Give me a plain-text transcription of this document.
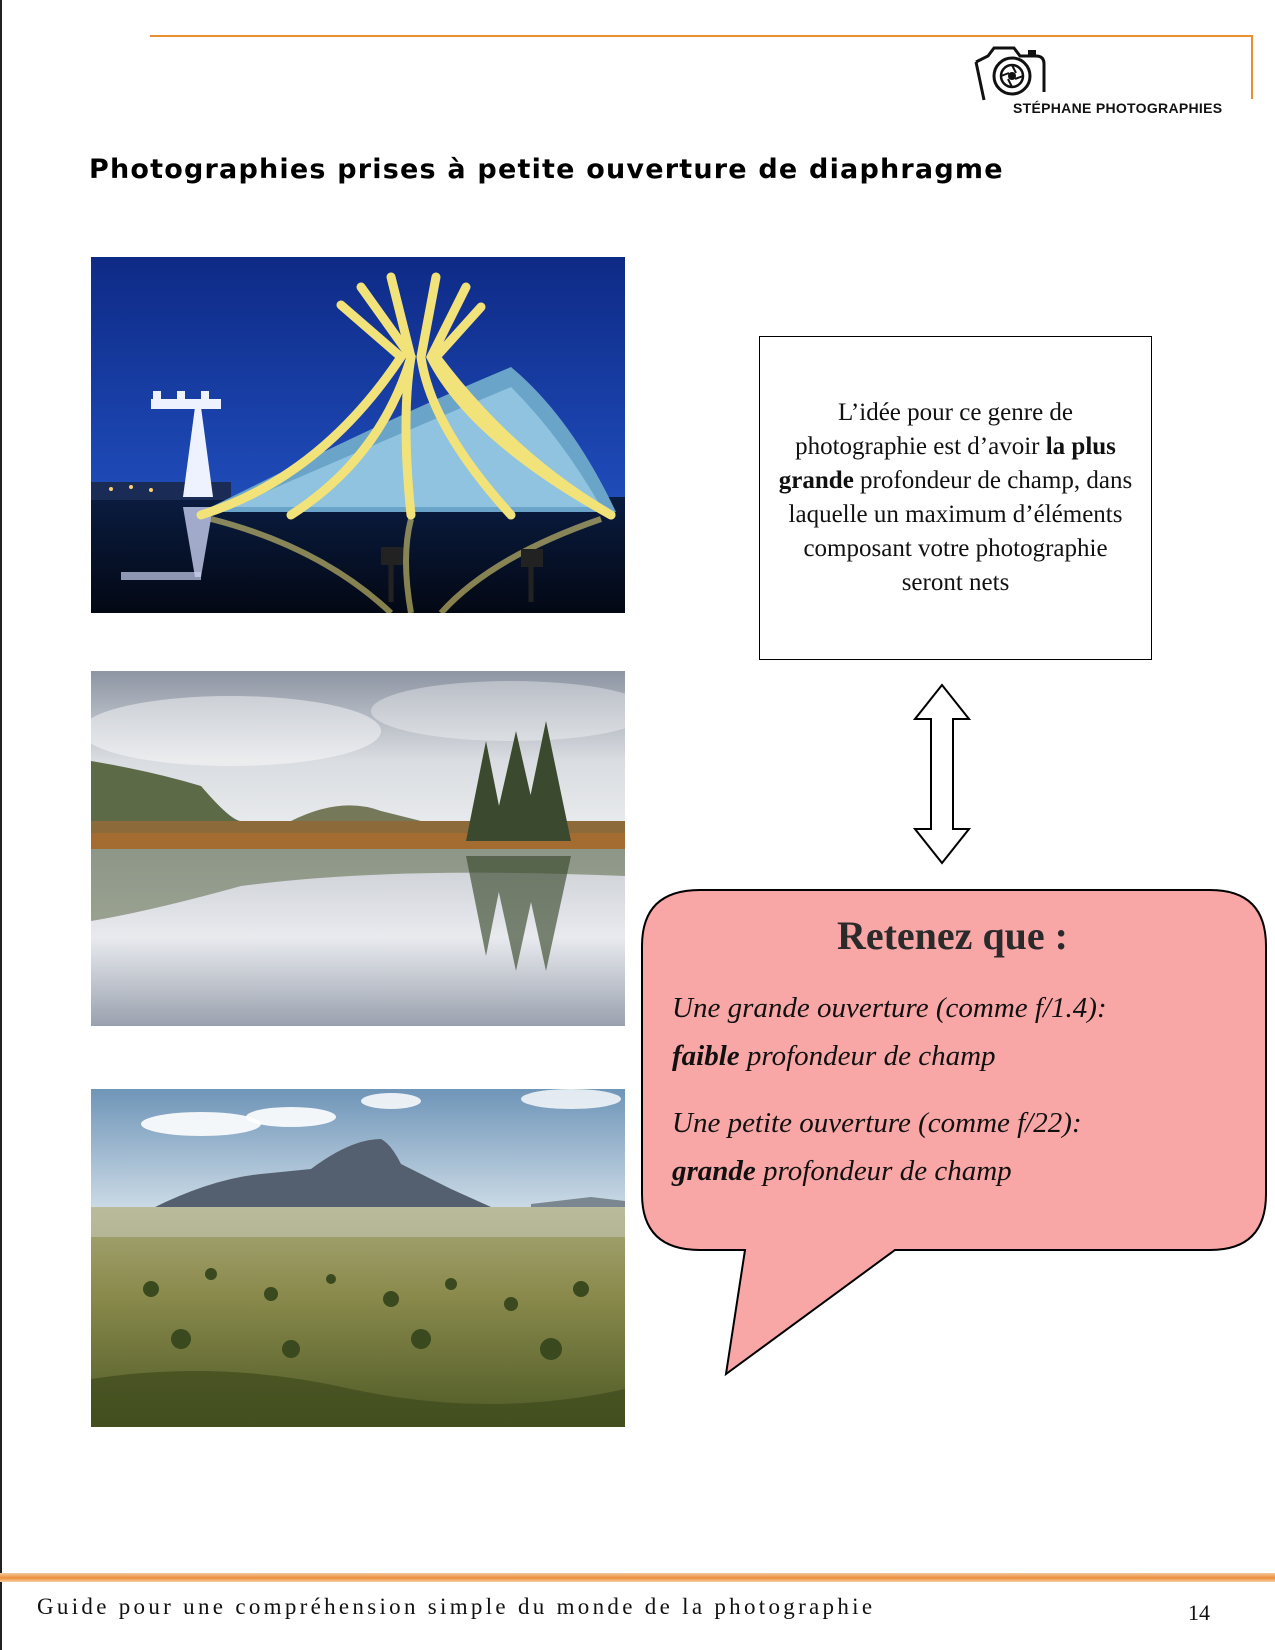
STÉPHANE PHOTOGRAPHIES
Photographies prises à petite ouverture de diaphragme

L’idée pour ce genre de photographie est d’avoir la plus grande profondeur de champ, dans laquelle un maximum d’éléments composant votre photographie seront nets

Retenez que :

Une grande ouverture (comme f/1.4):

faible profondeur de champ

Une petite ouverture (comme f/22):

grande profondeur de champ

Guide pour une compréhension simple du monde de la photographie	14
